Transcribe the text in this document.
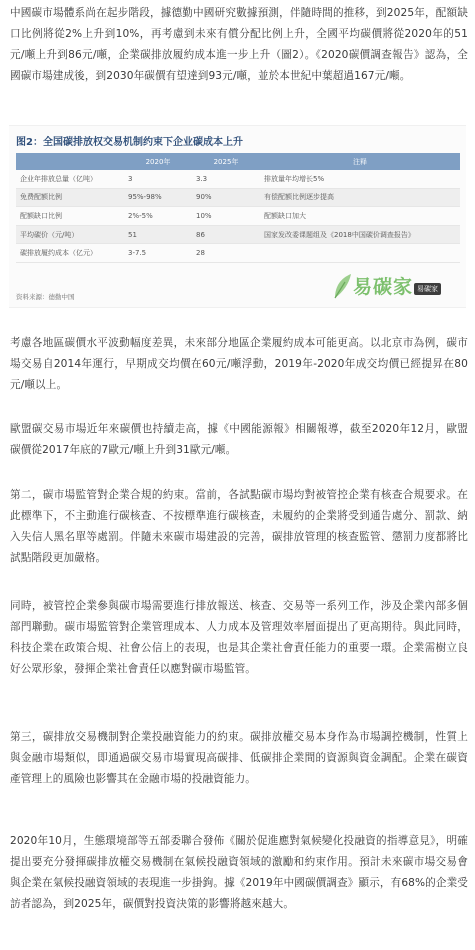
中國碳市場體系尚在起步階段，據德勤中國研究數據預測，伴隨時間的推移，到2025年，配額缺口比例將從2%上升到10%，再考慮到未來有償分配比例上升，全國平均碳價將從2020年的51元/噸上升到86元/噸，企業碳排放履約成本進一步上升（圖2）。《2020碳價調查報告》認為，全國碳市場建成後，到2030年碳價有望達到93元/噸，並於本世紀中葉超過167元/噸。

图2：全国碳排放权交易机制约束下企业碳成本上升

	2020年	2025年	注释
企业年排放总量（亿吨）	3	3.3	排放量年均增长5%
免费配额比例	95%-98%	90%	有偿配额比例逐步提高
配额缺口比例	2%-5%	10%	配额缺口加大
平均碳价（元/吨）	51	86	国家发改委课题组及《2018中国碳价调查报告》
碳排放履约成本（亿元）	3-7.5	28	

资料来源：德勤中国	易碳家 易碳家

考慮各地區碳價水平波動幅度差異，未來部分地區企業履約成本可能更高。以北京市為例，碳市場交易自2014年運行，早期成交均價在60元/噸浮動，2019年-2020年成交均價已經提昇在80元/噸以上。

歐盟碳交易市場近年來碳價也持續走高，據《中國能源報》相關報導，截至2020年12月，歐盟碳價從2017年底的7歐元/噸上升到31歐元/噸。

第二，碳市場監管對企業合規的約束。當前，各試點碳市場均對被管控企業有核查合規要求。在此標準下，不主動進行碳核查、不按標準進行碳核查，未履約的企業將受到通告處分、罰款、納入失信人黑名單等處罰。伴隨未來碳市場建設的完善，碳排放管理的核查監管、懲罰力度都將比試點階段更加嚴格。

同時，被管控企業參與碳市場需要進行排放報送、核查、交易等一系列工作，涉及企業內部多個部門聯動。碳市場監管對企業管理成本、人力成本及管理效率層面提出了更高期待。與此同時，科技企業在政策合規、社會公信上的表現，也是其企業社會責任能力的重要一環。企業需樹立良好公眾形象，發揮企業社會責任以應對碳市場監管。

第三，碳排放交易機制對企業投融資能力的約束。碳排放權交易本身作為市場調控機制，性質上與金融市場類似，即通過碳交易市場實現高碳排、低碳排企業間的資源與資金調配。企業在碳資產管理上的風險也影響其在金融市場的投融資能力。

2020年10月，生態環境部等五部委聯合發佈《關於促進應對氣候變化投融資的指導意見》，明確提出要充分發揮碳排放權交易機制在氣候投融資領域的激勵和約束作用。預計未來碳市場交易會與企業在氣候投融資領域的表現進一步掛鉤。據《2019年中國碳價調查》顯示，有68%的企業受訪者認為，到2025年，碳價對投資決策的影響將越來越大。
